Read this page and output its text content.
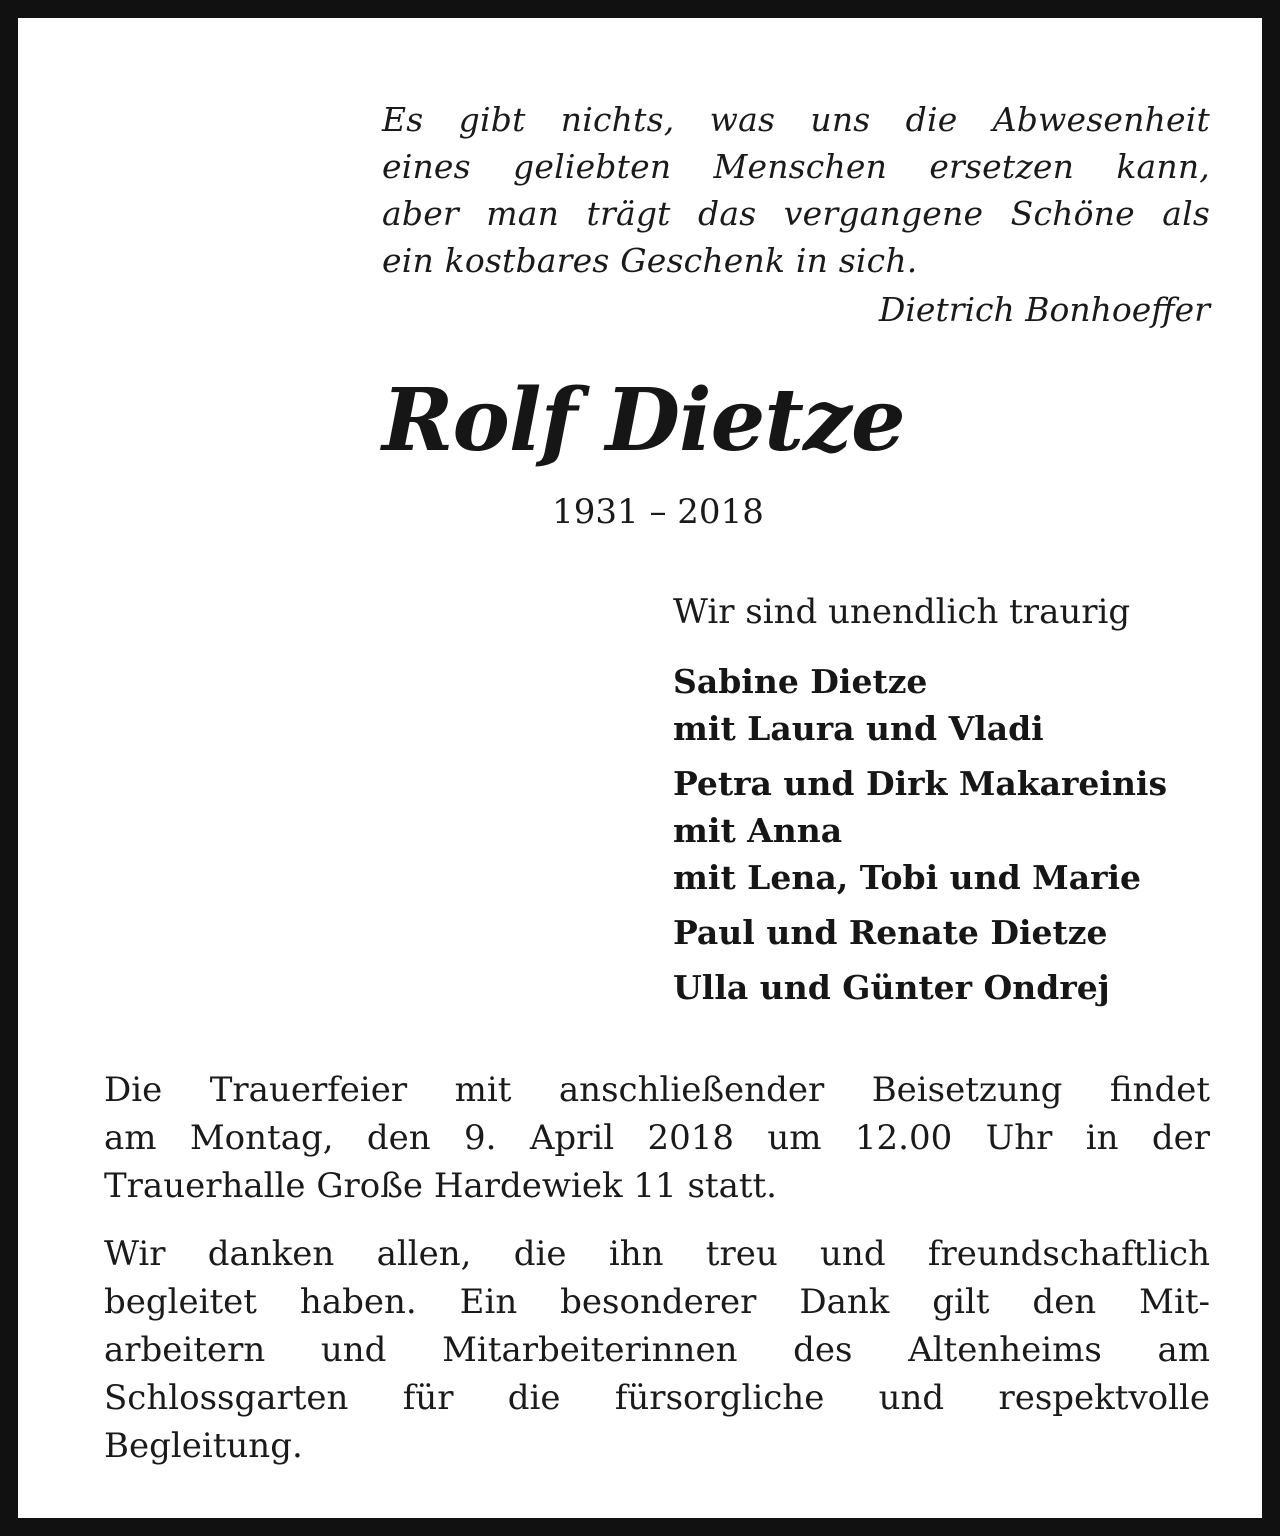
Es gibt nichts, was uns die Abwesenheit
eines geliebten Menschen ersetzen kann,
aber man trägt das vergangene Schöne als
ein kostbares Geschenk in sich.
Dietrich Bonhoeffer
Rolf Dietze
1931 – 2018
Wir sind unendlich traurig
Sabine Dietze
mit Laura und Vladi
Petra und Dirk Makareinis
mit Anna
mit Lena, Tobi und Marie
Paul und Renate Dietze
Ulla und Günter Ondrej
Die Trauerfeier mit anschließender Beisetzung findet
am Montag, den 9. April 2018 um 12.00 Uhr in der
Trauerhalle Große Hardewiek 11 statt.
Wir danken allen, die ihn treu und freundschaftlich
begleitet haben. Ein besonderer Dank gilt den Mit-
arbeitern und Mitarbeiterinnen des Altenheims am
Schlossgarten für die fürsorgliche und respektvolle
Begleitung.
